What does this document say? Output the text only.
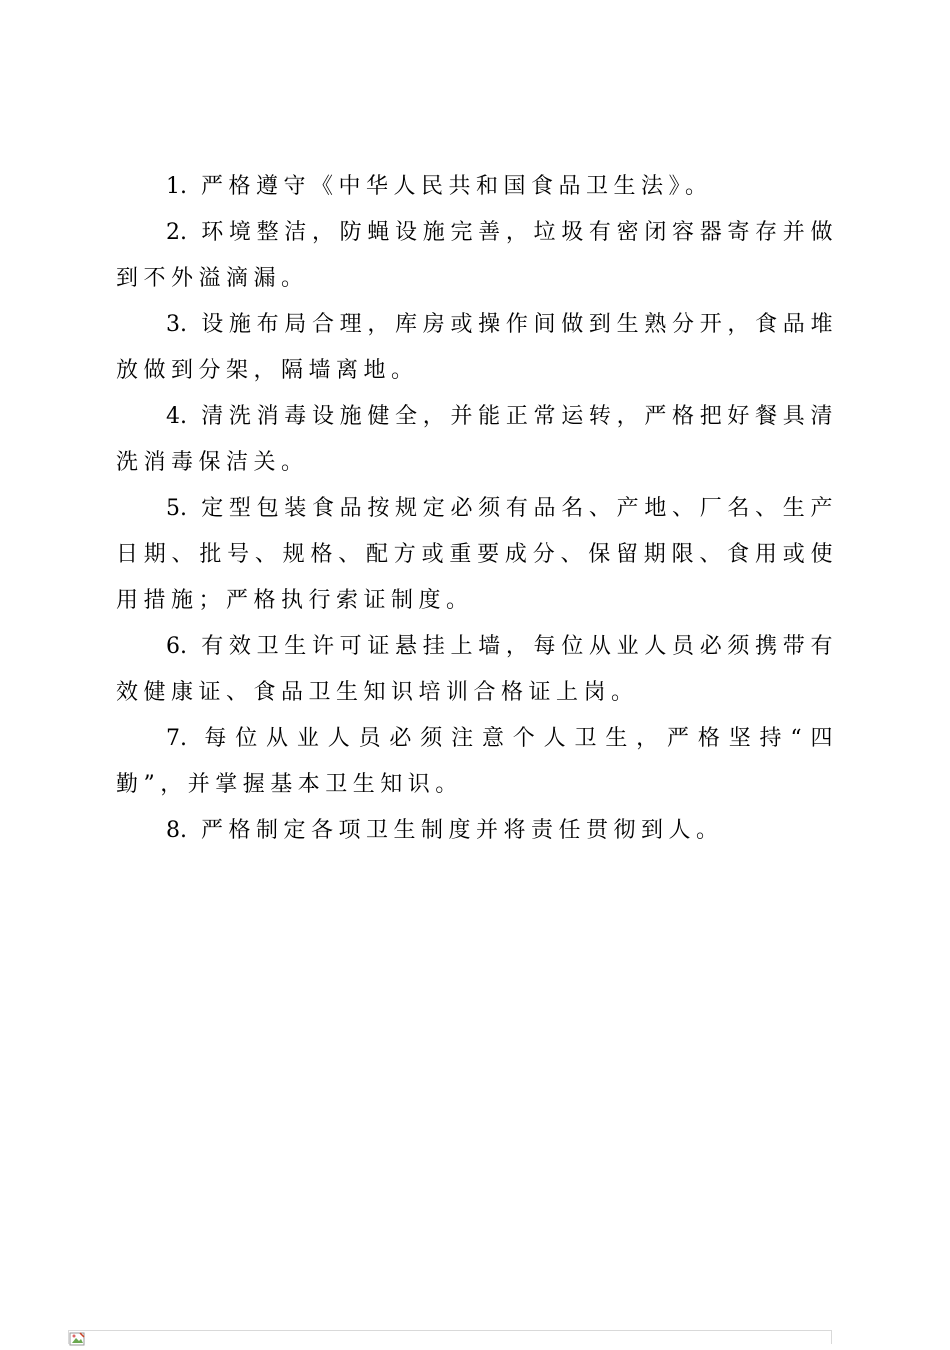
1. 严格遵守《中华人民共和国食品卫生法》。

2. 环境整洁，防蝇设施完善，垃圾有密闭容器寄存并做到不外溢滴漏。

3. 设施布局合理，库房或操作间做到生熟分开，食品堆放做到分架，隔墙离地。

4. 清洗消毒设施健全，并能正常运转，严格把好餐具清洗消毒保洁关。

5. 定型包装食品按规定必须有品名、产地、厂名、生产日期、批号、规格、配方或重要成分、保留期限、食用或使用措施；严格执行索证制度。

6. 有效卫生许可证悬挂上墙，每位从业人员必须携带有效健康证、食品卫生知识培训合格证上岗。

7. 每位从业人员必须注意个人卫生，严格坚持“四勤”，并掌握基本卫生知识。

8. 严格制定各项卫生制度并将责任贯彻到人。
